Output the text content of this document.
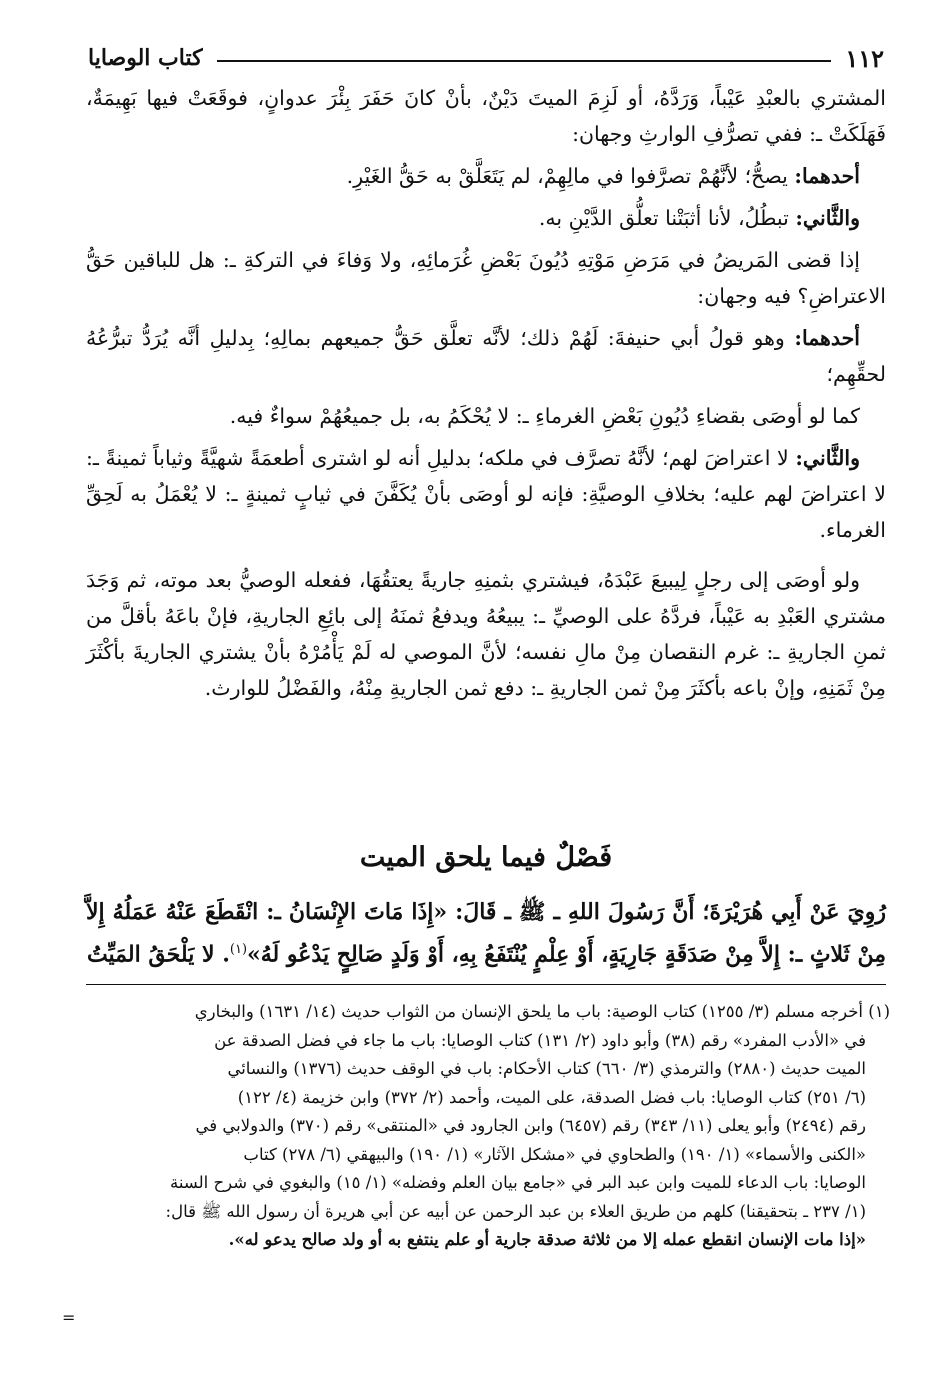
١١٢
كتاب الوصايا

المشتري بالعبْدِ عَيْباً، وَرَدَّهُ، أو لَزِمَ الميتَ دَيْنٌ، بأنْ كانَ حَفَرَ بِئْرَ عدوانٍ، فوقَعَتْ فيها بَهِيمَةٌ، فَهَلَكَتْ ـ: ففي تصرُّفِ الوارثِ وجهان:

أحدهما: يصحُّ؛ لأنَّهُمْ تصرَّفوا في مالِهِمْ، لم يَتَعَلَّقْ به حَقُّ الغَيْرِ.

والثَّاني: تبطُلُ، لأنا أثبَتْنا تعلُّق الدَّيْنِ به.

إذا قضى المَريضُ في مَرَضِ مَوْتِهِ دُيُونَ بَعْضِ غُرَمائِهِ، ولا وَفاءَ في التركةِ ـ: هل للباقين حَقُّ الاعتراضِ؟ فيه وجهان:

أحدهما: وهو قولُ أبي حنيفةَ: لَهُمْ ذلك؛ لأنَّه تعلَّق حَقُّ جميعهم بمالِهِ؛ بِدليلِ أنَّه يُرَدُّ تبرُّعُهُ لحقِّهِم؛

كما لو أوصَى بقضاءِ دُيُونِ بَعْضِ الغرماءِ ـ: لا يُحْكَمُ به، بل جميعُهُمْ سواءٌ فيه.

والثَّاني: لا اعتراضَ لهم؛ لأنَّهُ تصرَّف في ملكه؛ بدليلِ أنه لو اشترى أطعمَةً شهيَّةً وثياباً ثمينةً ـ: لا اعتراضَ لهم عليه؛ بخلافِ الوصيَّةِ: فإنه لو أوصَى بأنْ يُكَفَّنَ في ثيابٍ ثمينةٍ ـ: لا يُعْمَلُ به لَحِقِّ الغرماء.

ولو أوصَى إلى رجلٍ لِيبيعَ عَبْدَهُ، فيشتري بثمنِهِ جاريةً يعتقُهَا، ففعله الوصيُّ بعد موته، ثم وَجَدَ مشتري العَبْدِ به عَيْباً، فردَّهُ على الوصيِّ ـ: يبيعُهُ ويدفعُ ثمنَهُ إلى بائِعِ الجاريةِ، فإنْ باعَهُ بأقلَّ من ثمنِ الجاريةِ ـ: غرم النقصان مِنْ مالِ نفسه؛ لأنَّ الموصي له لَمْ يَأْمُرْهُ بأنْ يشتري الجاريةَ بأكْثَرَ مِنْ ثَمَنِهِ، وإنْ باعه بأكثَرَ مِنْ ثمن الجاريةِ ـ: دفع ثمن الجاريةِ مِنْهُ، والفَضْلُ للوارث.

فَصْلٌ فيما يلحق الميت
رُوِيَ عَنْ أَبِي هُرَيْرَةَ؛ أَنَّ رَسُولَ اللهِ ـ ﷺ ـ قَالَ: «إِذَا مَاتَ الإِنْسَانُ ـ: انْقَطَعَ عَنْهُ عَمَلُهُ إِلاَّ مِنْ ثَلاثٍ ـ: إِلاَّ مِنْ صَدَقَةٍ جَارِيَةٍ، أَوْ عِلْمٍ يُنْتَفَعُ بِهِ، أَوْ وَلَدٍ صَالِحٍ يَدْعُو لَهُ»$^{(١)}$. لا يَلْحَقُ المَيِّتُ
(١) أخرجه مسلم (٣/ ١٢٥٥) كتاب الوصية: باب ما يلحق الإنسان من الثواب حديث (١٤/ ١٦٣١) والبخاري
في «الأدب المفرد» رقم (٣٨) وأبو داود (٢/ ١٣١) كتاب الوصايا: باب ما جاء في فضل الصدقة عن
الميت حديث (٢٨٨٠) والترمذي (٣/ ٦٦٠) كتاب الأحكام: باب في الوقف حديث (١٣٧٦) والنسائي
(٦/ ٢٥١) كتاب الوصايا: باب فضل الصدقة، على الميت، وأحمد (٢/ ٣٧٢) وابن خزيمة (٤/ ١٢٢)
رقم (٢٤٩٤) وأبو يعلى (١١/ ٣٤٣) رقم (٦٤٥٧) وابن الجارود في «المنتقى» رقم (٣٧٠) والدولابي في
«الكنى والأسماء» (١/ ١٩٠) والطحاوي في «مشكل الآثار» (١/ ١٩٠) والبيهقي (٦/ ٢٧٨) كتاب
الوصايا: باب الدعاء للميت وابن عبد البر في «جامع بيان العلم وفضله» (١/ ١٥) والبغوي في شرح السنة
(١/ ٢٣٧ ـ بتحقيقنا) كلهم من طريق العلاء بن عبد الرحمن عن أبيه عن أبي هريرة أن رسول الله ﷺ قال:
«إذا مات الإنسان انقطع عمله إلا من ثلاثة صدقة جارية أو علم ينتفع به أو ولد صالح يدعو له».
=
